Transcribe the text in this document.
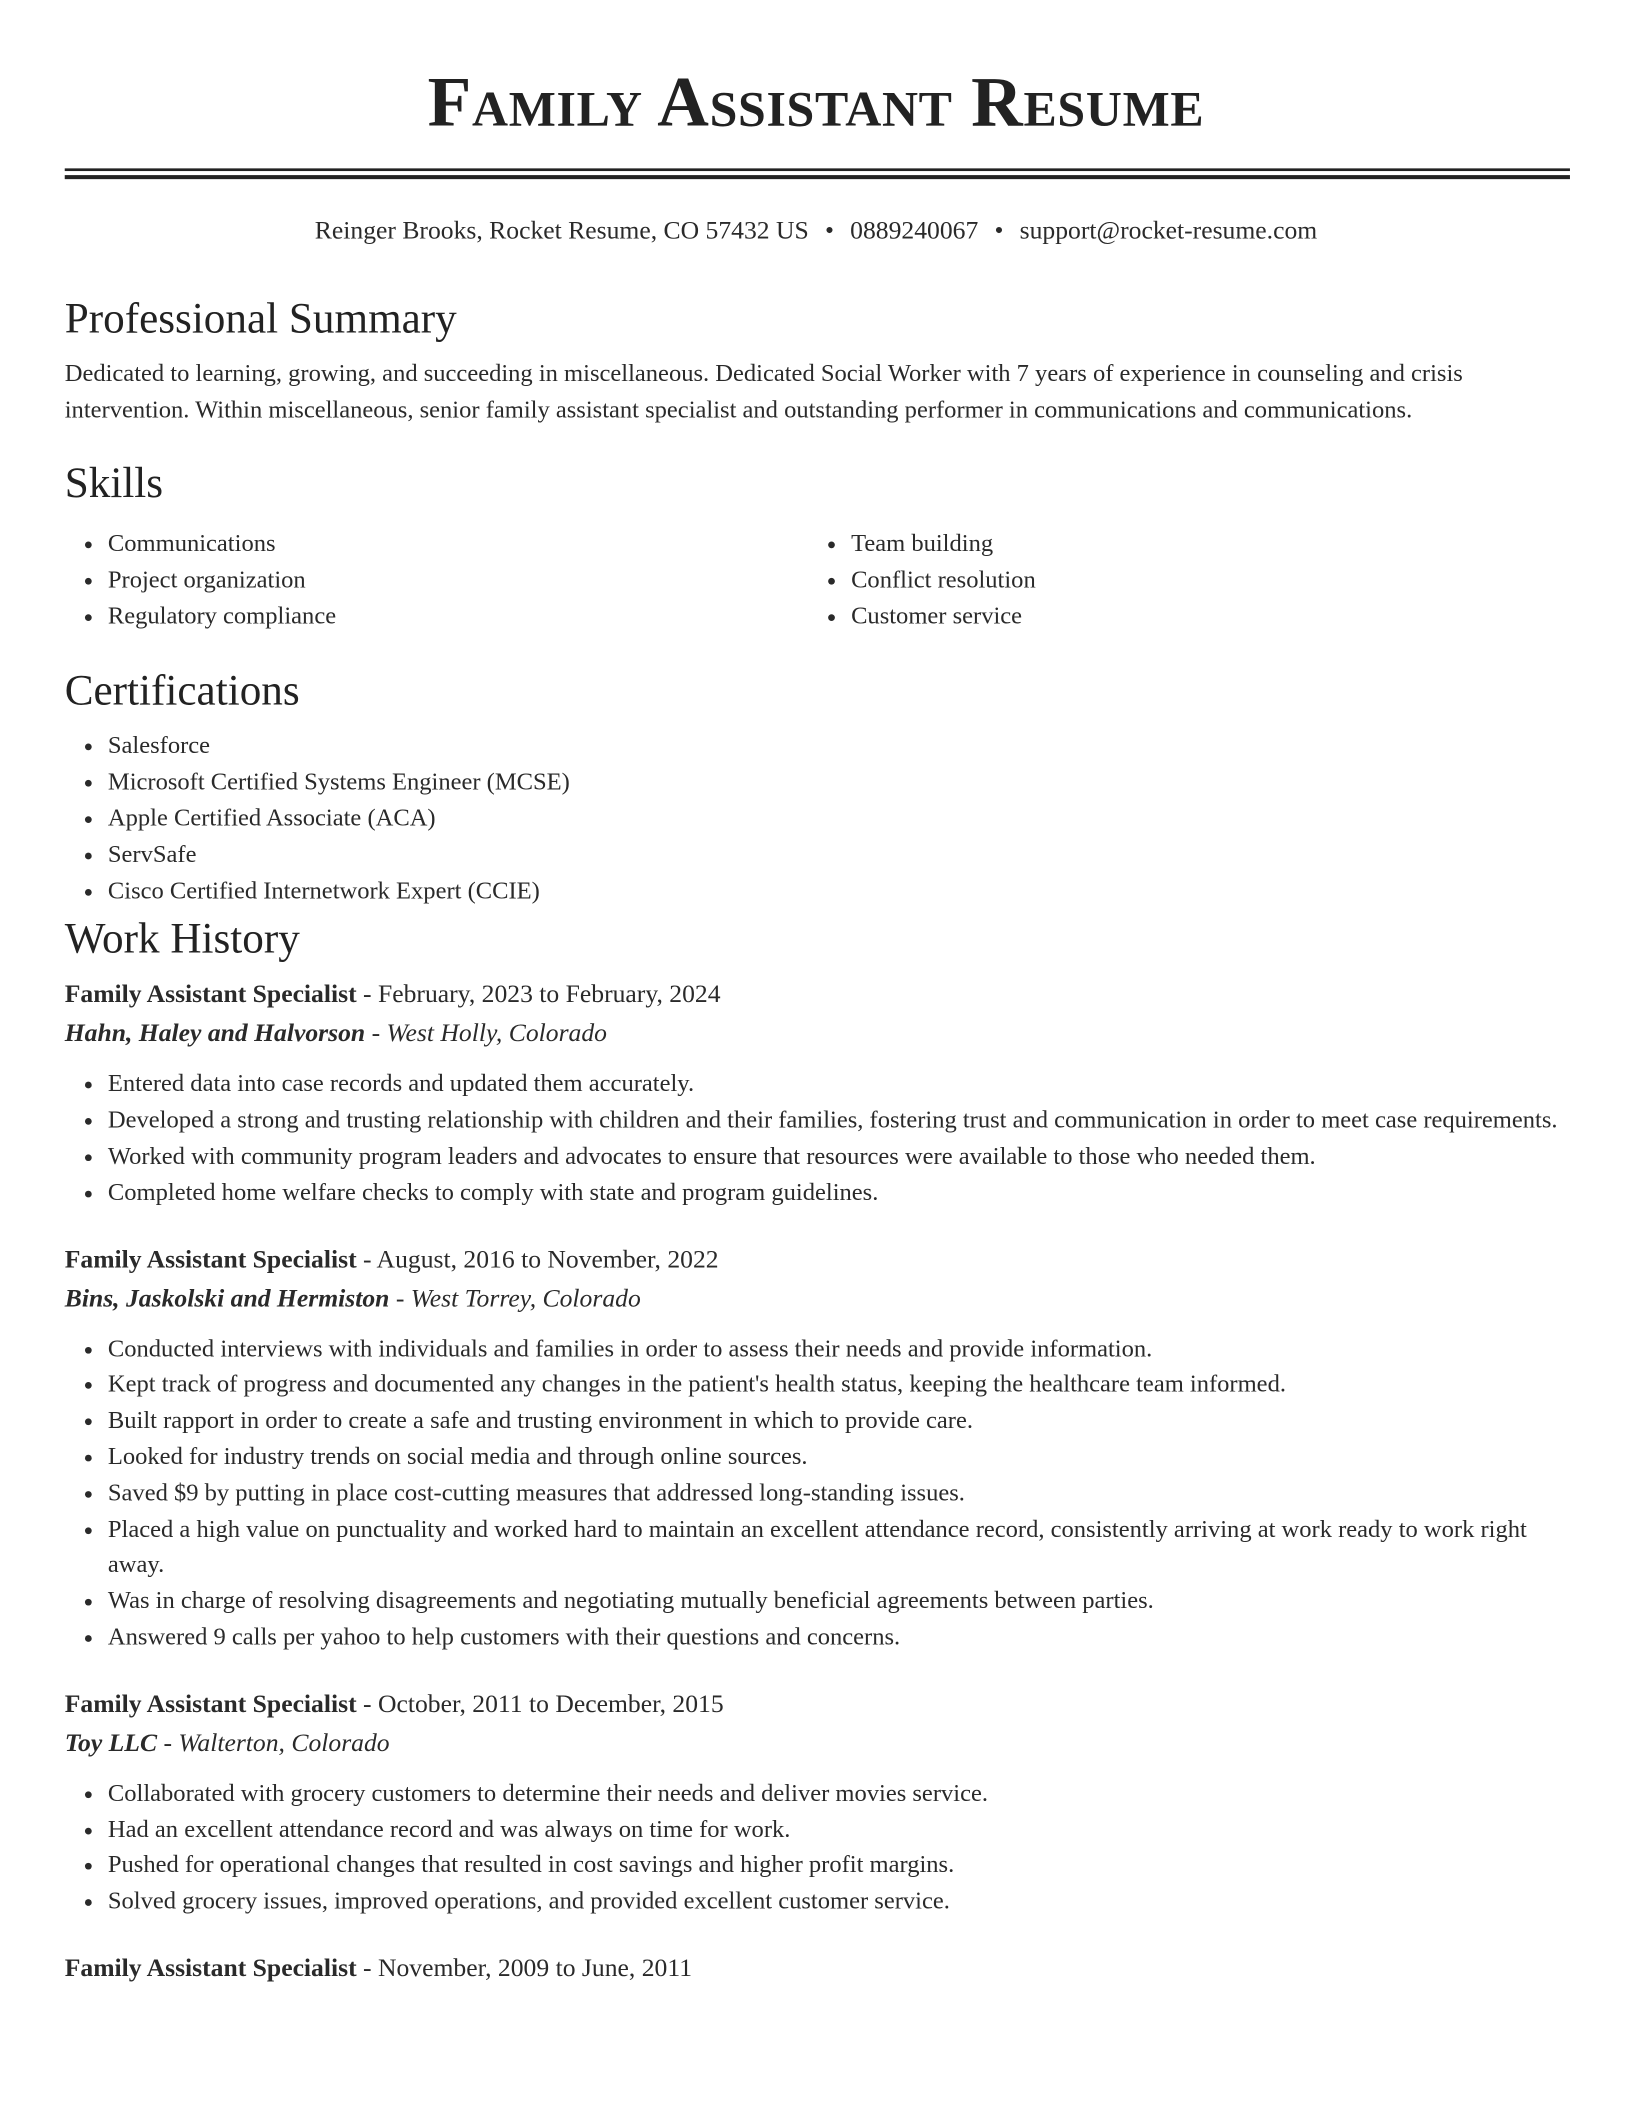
Family Assistant Resume
Reinger Brooks, Rocket Resume, CO 57432 US • 0889240067 • support@rocket-resume.com
Professional Summary

Dedicated to learning, growing, and succeeding in miscellaneous. Dedicated Social Worker with 7 years of experience in counseling and crisis intervention. Within miscellaneous, senior family assistant specialist and outstanding performer in communications and communications.

Skills
• Communications
• Project organization
• Regulatory compliance
• Team building
• Conflict resolution
• Customer service
Certifications
• Salesforce
• Microsoft Certified Systems Engineer (MCSE)
• Apple Certified Associate (ACA)
• ServSafe
• Cisco Certified Internetwork Expert (CCIE)
Work History
Family Assistant Specialist - February, 2023 to February, 2024
Hahn, Haley and Halvorson - West Holly, Colorado
• Entered data into case records and updated them accurately.
• Developed a strong and trusting relationship with children and their families, fostering trust and communication in order to meet case requirements.
• Worked with community program leaders and advocates to ensure that resources were available to those who needed them.
• Completed home welfare checks to comply with state and program guidelines.
Family Assistant Specialist - August, 2016 to November, 2022
Bins, Jaskolski and Hermiston - West Torrey, Colorado
• Conducted interviews with individuals and families in order to assess their needs and provide information.
• Kept track of progress and documented any changes in the patient's health status, keeping the healthcare team informed.
• Built rapport in order to create a safe and trusting environment in which to provide care.
• Looked for industry trends on social media and through online sources.
• Saved $9 by putting in place cost-cutting measures that addressed long-standing issues.
• Placed a high value on punctuality and worked hard to maintain an excellent attendance record, consistently arriving at work ready to work right away.
• Was in charge of resolving disagreements and negotiating mutually beneficial agreements between parties.
• Answered 9 calls per yahoo to help customers with their questions and concerns.
Family Assistant Specialist - October, 2011 to December, 2015
Toy LLC - Walterton, Colorado
• Collaborated with grocery customers to determine their needs and deliver movies service.
• Had an excellent attendance record and was always on time for work.
• Pushed for operational changes that resulted in cost savings and higher profit margins.
• Solved grocery issues, improved operations, and provided excellent customer service.
Family Assistant Specialist - November, 2009 to June, 2011
